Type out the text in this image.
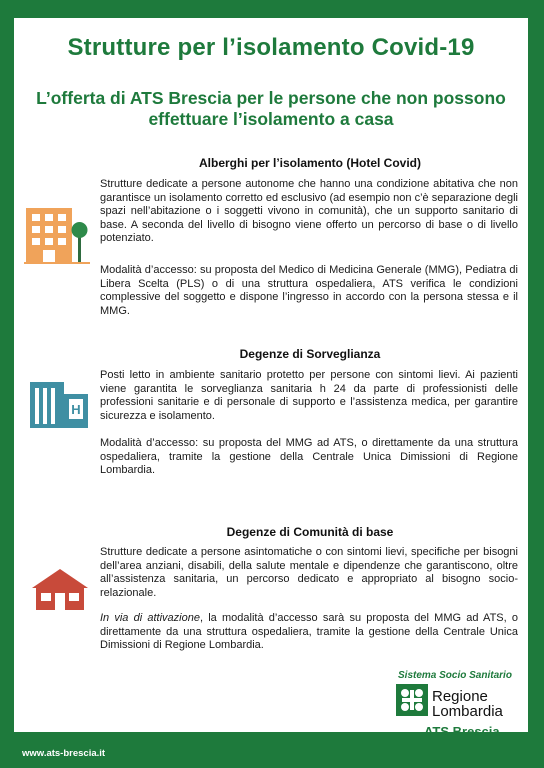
Strutture per l’isolamento Covid-19
L’offerta di ATS Brescia per le persone che non possono effettuare l’isolamento a casa
Alberghi per l’isolamento (Hotel Covid)

Strutture dedicate a persone autonome che hanno una condizione abitativa che non garantisce un isolamento corretto ed esclusivo (ad esempio non c’è separazione degli spazi nell’abitazione o i soggetti vivono in comunità), che un supporto sanitario di base. A seconda del livello di bisogno viene offerto un percorso di base o di livello potenziato.

Modalità d’accesso: su proposta del Medico di Medicina Generale (MMG), Pediatra di Libera Scelta (PLS) o di una struttura ospedaliera, ATS verifica le condizioni complessive del soggetto e dispone l’ingresso in accordo con la persona stessa e il MMG.

Degenze di Sorveglianza
H

Posti letto in ambiente sanitario protetto per persone con sintomi lievi. Ai pazienti viene garantita le sorveglianza sanitaria h 24 da parte di professionisti delle professioni sanitarie e di personale di supporto e l’assistenza medica, per garantire sicurezza e isolamento.

Modalità d’accesso: su proposta del MMG ad ATS, o direttamente da una struttura ospedaliera, tramite la gestione della Centrale Unica Dimissioni di Regione Lombardia.

Degenze di Comunità di base

Strutture dedicate a persone asintomatiche o con sintomi lievi, specifiche per bisogni dell’area anziani, disabili, della salute mentale e dipendenze che garantiscono, oltre all’assistenza sanitaria, un percorso dedicato e appropriato al bisogno socio-relazionale.

In via di attivazione, la modalità d’accesso sarà su proposta del MMG ad ATS, o direttamente da una struttura ospedaliera, tramite la gestione della Centrale Unica Dimissioni di Regione Lombardia.

Sistema Socio Sanitario
Regione
Lombardia
ATS Brescia
www.ats-brescia.it
